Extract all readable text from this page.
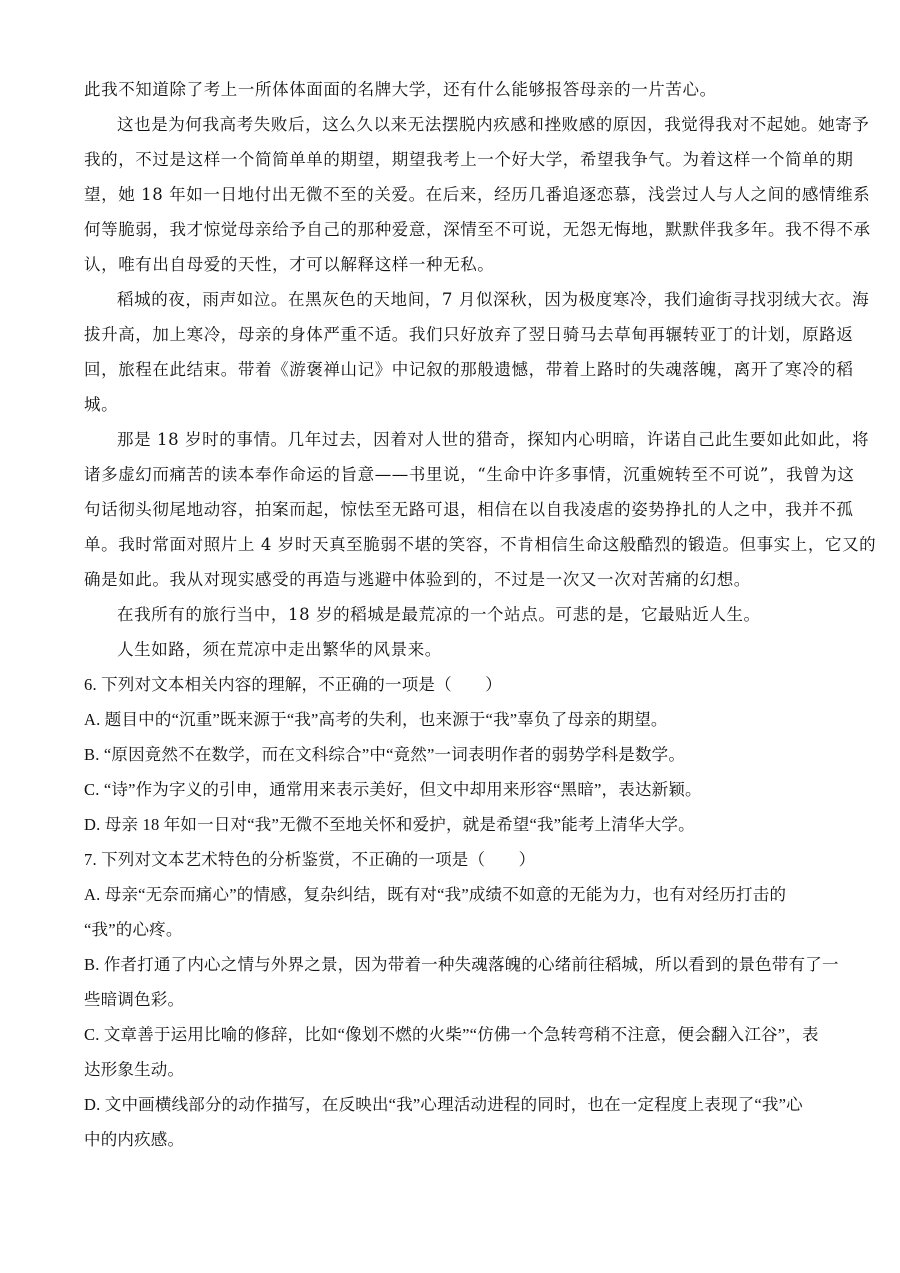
此我不知道除了考上一所体体面面的名牌大学，还有什么能够报答母亲的一片苦心。
这也是为何我高考失败后，这么久以来无法摆脱内疚感和挫败感的原因，我觉得我对不起她。她寄予
我的，不过是这样一个简简单单的期望，期望我考上一个好大学，希望我争气。为着这样一个简单的期
望，她 18 年如一日地付出无微不至的关爱。在后来，经历几番追逐恋慕，浅尝过人与人之间的感情维系
何等脆弱，我才惊觉母亲给予自己的那种爱意，深情至不可说，无怨无悔地，默默伴我多年。我不得不承
认，唯有出自母爱的天性，才可以解释这样一种无私。
稻城的夜，雨声如泣。在黑灰色的天地间，7 月似深秋，因为极度寒冷，我们逾街寻找羽绒大衣。海
拔升高，加上寒冷，母亲的身体严重不适。我们只好放弃了翌日骑马去草甸再辗转亚丁的计划，原路返
回，旅程在此结束。带着《游褒禅山记》中记叙的那般遗憾，带着上路时的失魂落魄，离开了寒冷的稻
城。
那是 18 岁时的事情。几年过去，因着对人世的猎奇，探知内心明暗，许诺自己此生要如此如此，将
诸多虚幻而痛苦的读本奉作命运的旨意——书里说，“生命中许多事情，沉重婉转至不可说”，我曾为这
句话彻头彻尾地动容，拍案而起，惊怯至无路可退，相信在以自我凌虐的姿势挣扎的人之中，我并不孤
单。我时常面对照片上 4 岁时天真至脆弱不堪的笑容，不肯相信生命这般酷烈的锻造。但事实上，它又的
确是如此。我从对现实感受的再造与逃避中体验到的，不过是一次又一次对苦痛的幻想。
在我所有的旅行当中，18 岁的稻城是最荒凉的一个站点。可悲的是，它最贴近人生。
人生如路，须在荒凉中走出繁华的风景来。
6. 下列对文本相关内容的理解，不正确的一项是（　　）
A. 题目中的“沉重”既来源于“我”高考的失利，也来源于“我”辜负了母亲的期望。
B. “原因竟然不在数学，而在文科综合”中“竟然”一词表明作者的弱势学科是数学。
C. “诗”作为字义的引申，通常用来表示美好，但文中却用来形容“黑暗”，表达新颖。
D. 母亲 18 年如一日对“我”无微不至地关怀和爱护，就是希望“我”能考上清华大学。
7. 下列对文本艺术特色的分析鉴赏，不正确的一项是（　　）
A. 母亲“无奈而痛心”的情感，复杂纠结，既有对“我”成绩不如意的无能为力，也有对经历打击的
“我”的心疼。
B. 作者打通了内心之情与外界之景，因为带着一种失魂落魄的心绪前往稻城，所以看到的景色带有了一
些暗调色彩。
C. 文章善于运用比喻的修辞，比如“像划不燃的火柴”“仿佛一个急转弯稍不注意，便会翻入江谷”，表
达形象生动。
D. 文中画横线部分的动作描写，在反映出“我”心理活动进程的同时，也在一定程度上表现了“我”心
中的内疚感。
